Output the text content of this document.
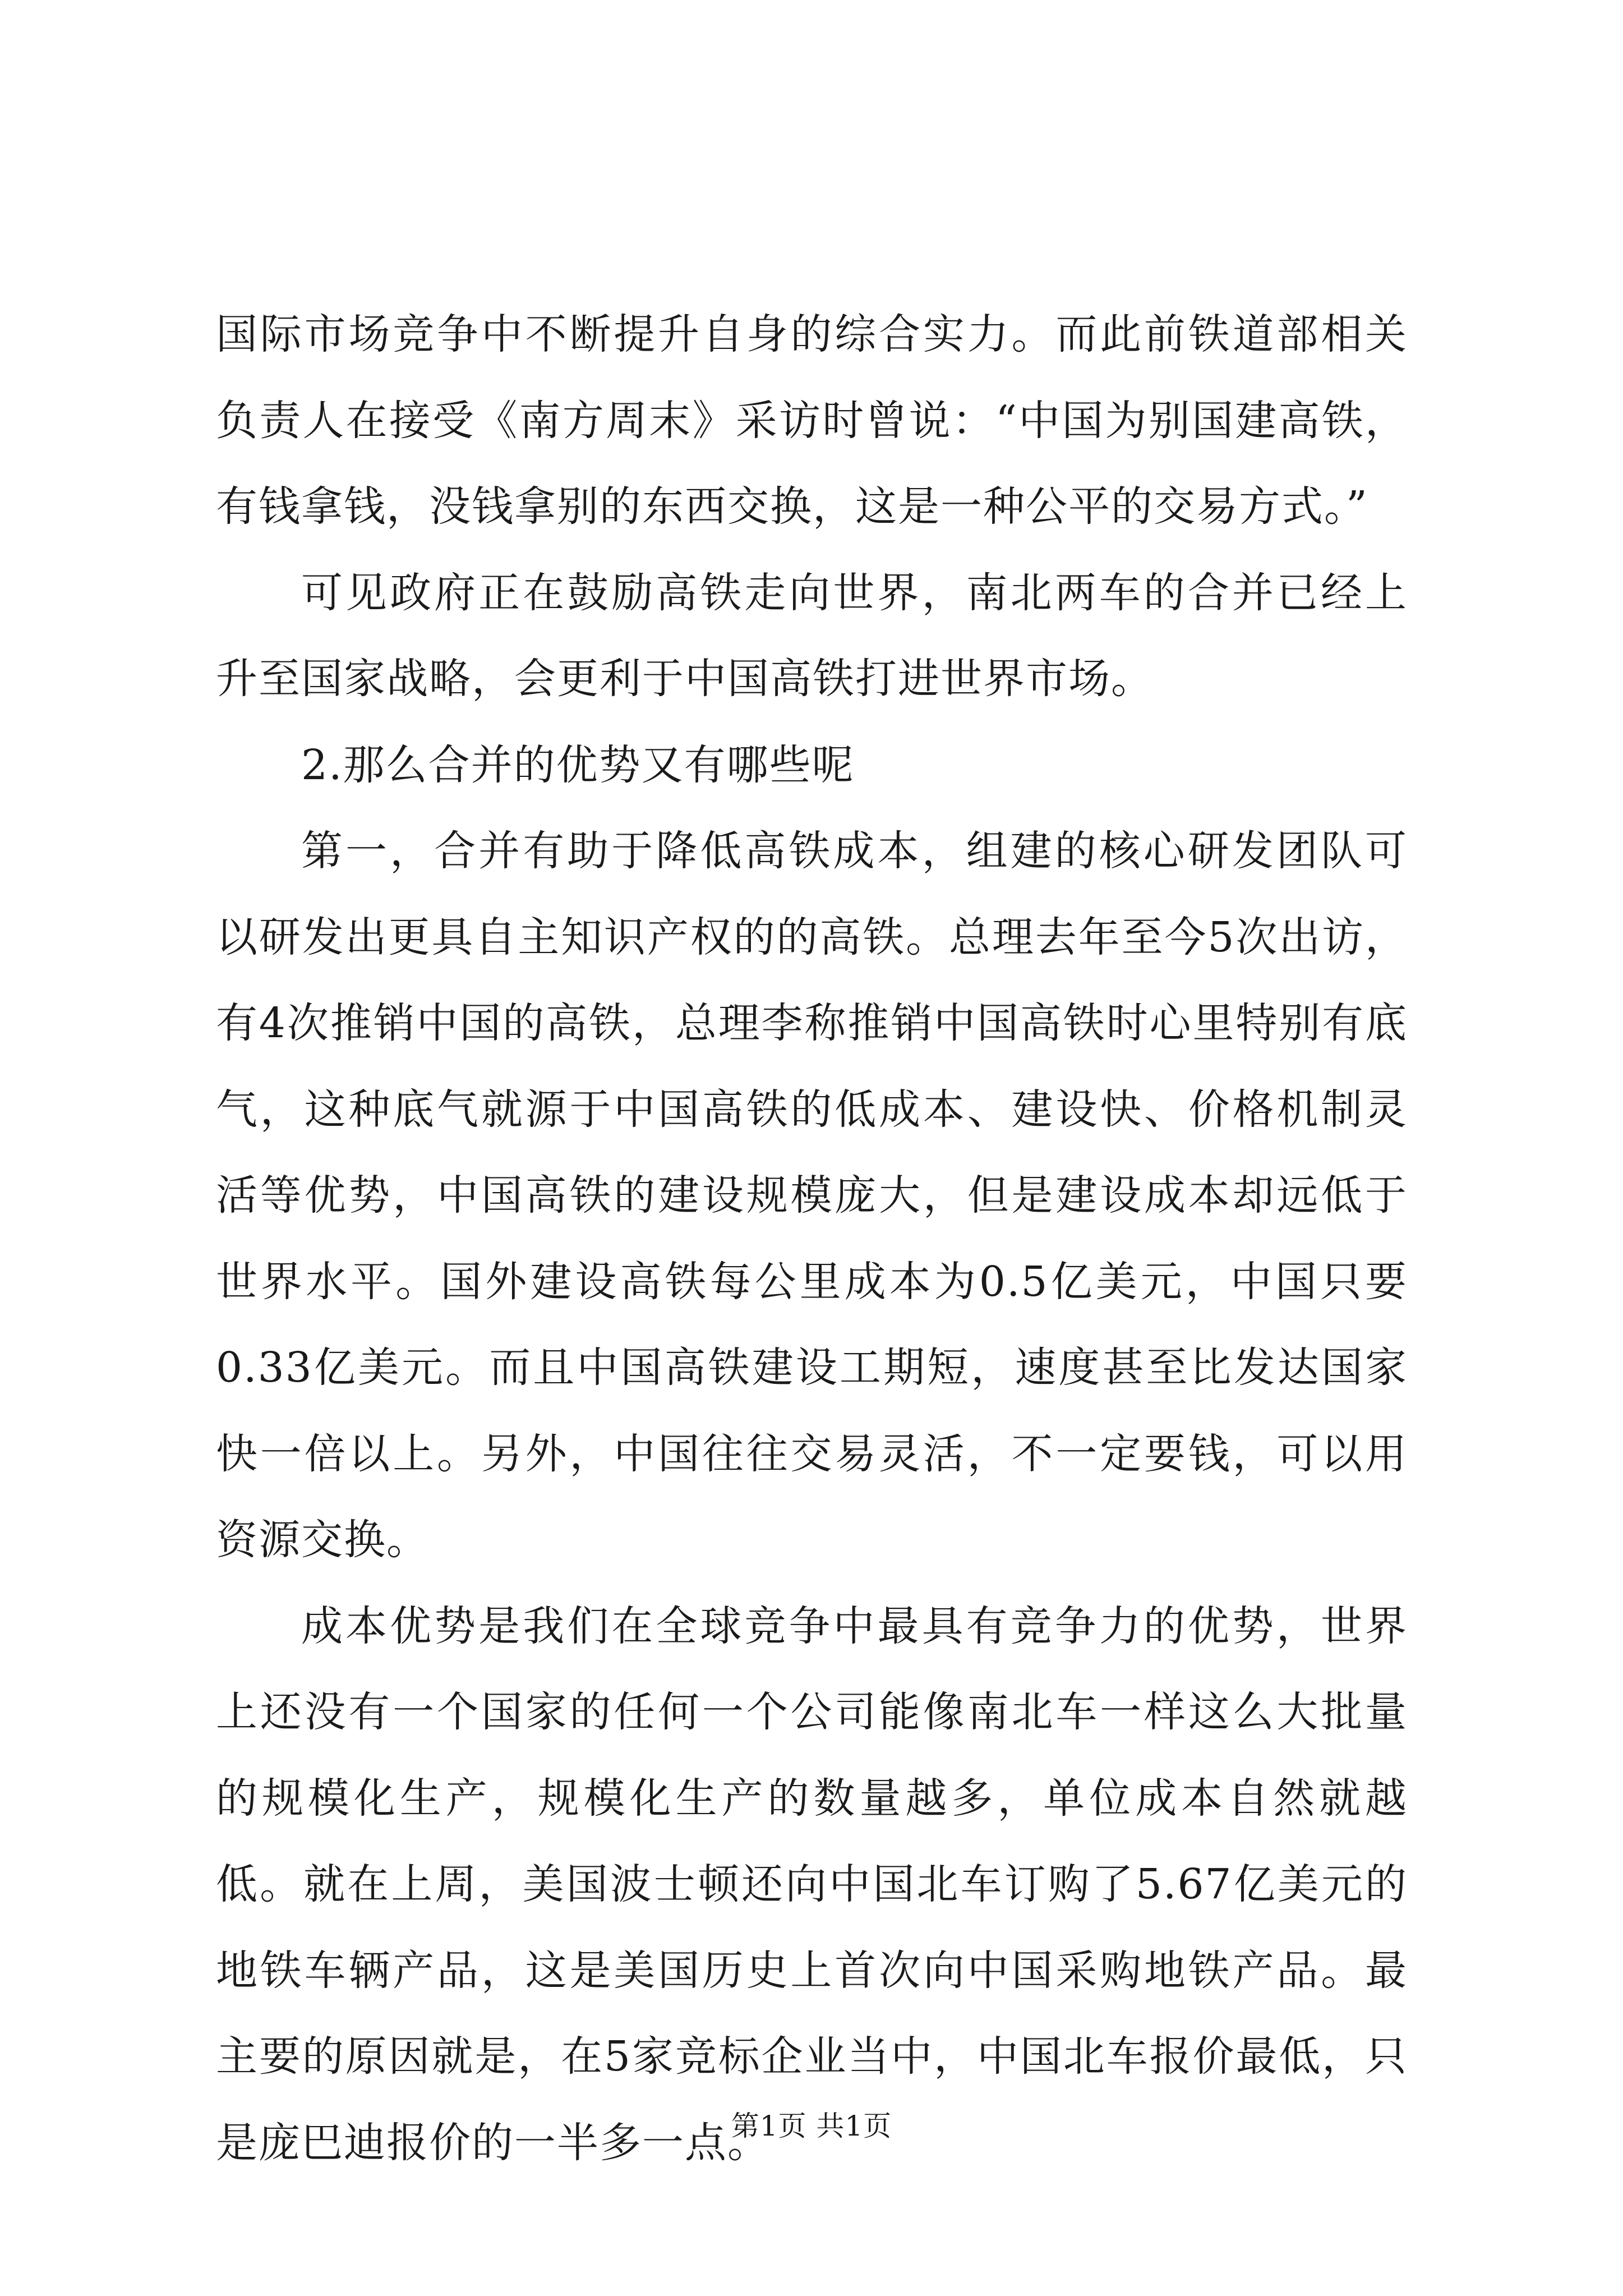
国际市场竞争中不断提升自身的综合实力。而此前铁道部相关负责人在接受《南方周末》采访时曾说：“中国为别国建高铁，有钱拿钱，没钱拿别的东西交换，这是一种公平的交易方式。”

可见政府正在鼓励高铁走向世界，南北两车的合并已经上升至国家战略，会更利于中国高铁打进世界市场。

2.那么合并的优势又有哪些呢

第一，合并有助于降低高铁成本，组建的核心研发团队可以研发出更具自主知识产权的的高铁。总理去年至今5次出访，有4次推销中国的高铁，总理李称推销中国高铁时心里特别有底气，这种底气就源于中国高铁的低成本、建设快、价格机制灵活等优势，中国高铁的建设规模庞大，但是建设成本却远低于世界水平。国外建设高铁每公里成本为0.5亿美元，中国只要0.33亿美元。而且中国高铁建设工期短，速度甚至比发达国家快一倍以上。另外，中国往往交易灵活，不一定要钱，可以用资源交换。

成本优势是我们在全球竞争中最具有竞争力的优势，世界上还没有一个国家的任何一个公司能像南北车一样这么大批量的规模化生产，规模化生产的数量越多，单位成本自然就越低。就在上周，美国波士顿还向中国北车订购了5.67亿美元的地铁车辆产品，这是美国历史上首次向中国采购地铁产品。最主要的原因就是，在5家竞标企业当中，中国北车报价最低，只是庞巴迪报价的一半多一点。

第1页 共1页
